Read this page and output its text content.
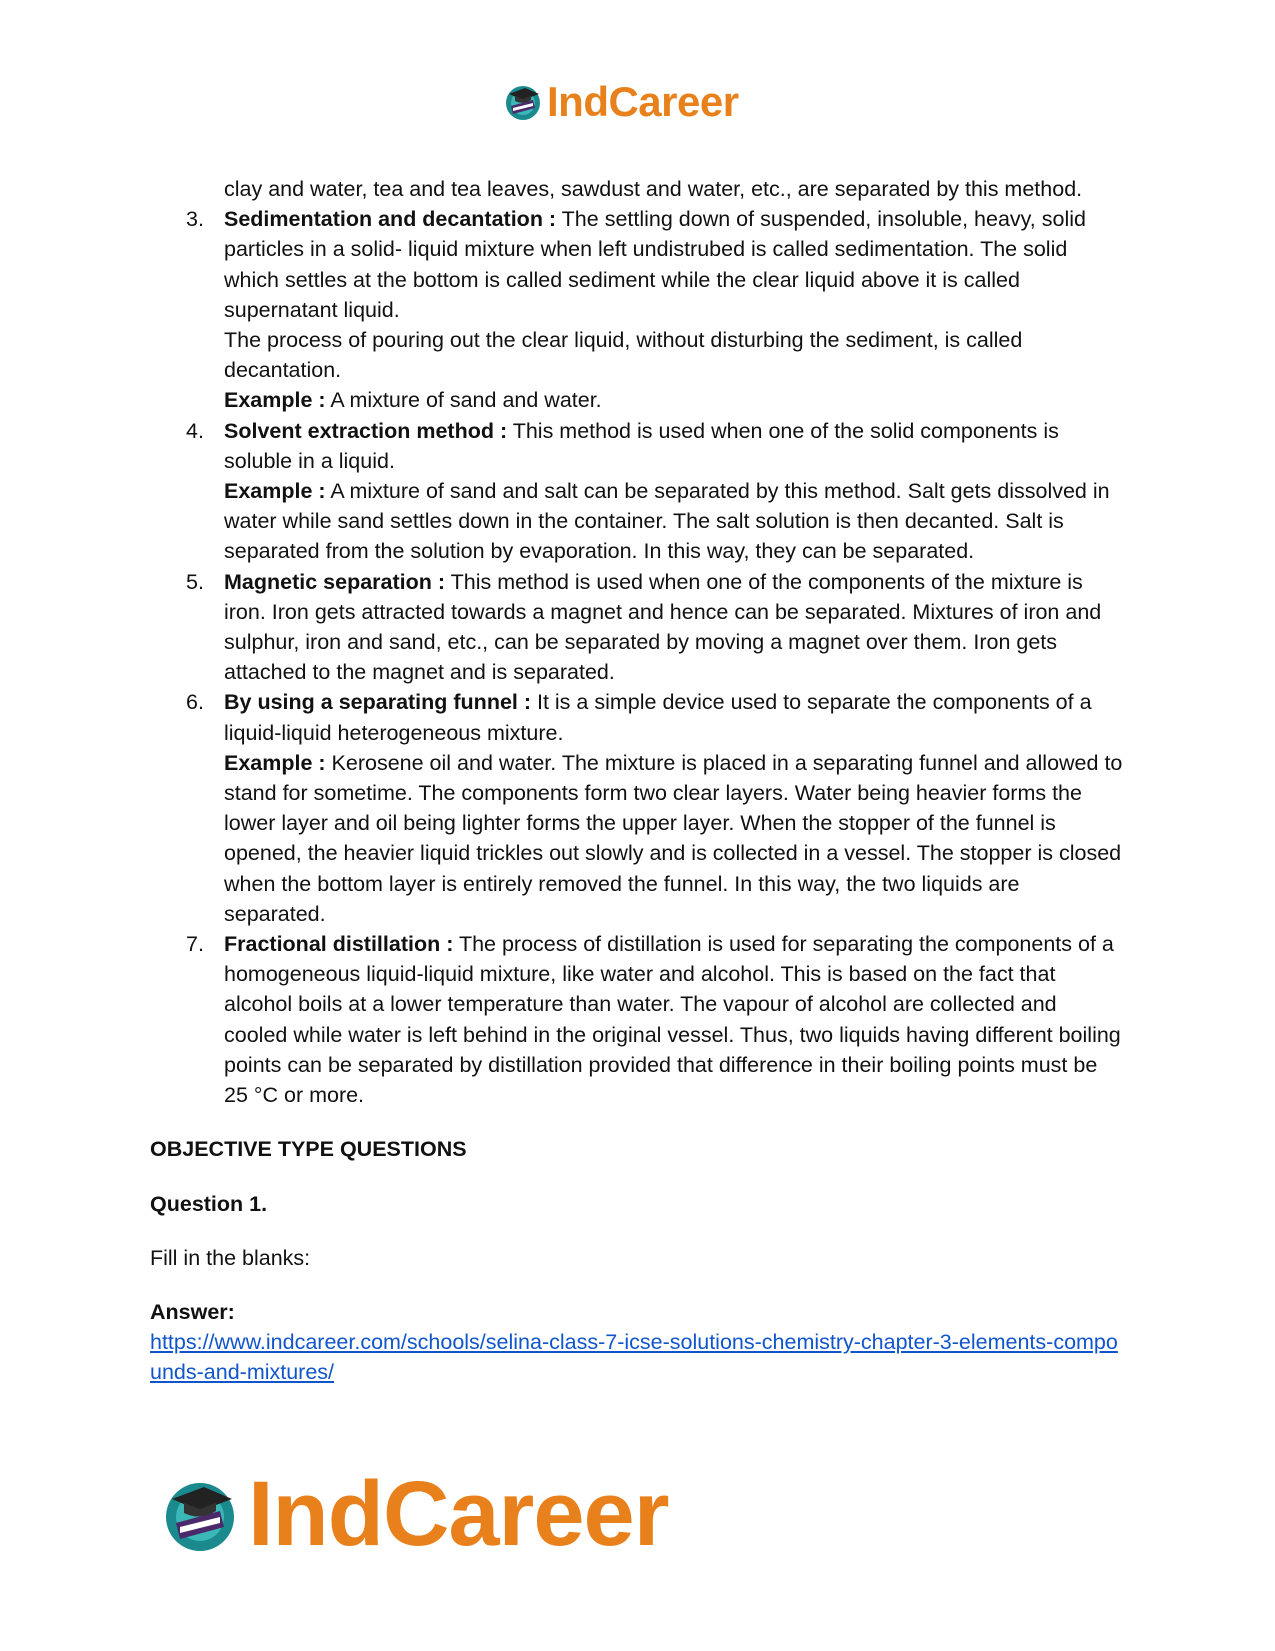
IndCareer
clay and water, tea and tea leaves, sawdust and water, etc., are separated by this method.
3. Sedimentation and decantation : The settling down of suspended, insoluble, heavy, solid particles in a solid- liquid mixture when left undistrubed is called sedimentation. The solid which settles at the bottom is called sediment while the clear liquid above it is called supernatant liquid.
The process of pouring out the clear liquid, without disturbing the sediment, is called decantation.
Example : A mixture of sand and water.
4. Solvent extraction method : This method is used when one of the solid components is soluble in a liquid.
Example : A mixture of sand and salt can be separated by this method. Salt gets dissolved in water while sand settles down in the container. The salt solution is then decanted. Salt is separated from the solution by evaporation. In this way, they can be separated.
5. Magnetic separation : This method is used when one of the components of the mixture is iron. Iron gets attracted towards a magnet and hence can be separated. Mixtures of iron and sulphur, iron and sand, etc., can be separated by moving a magnet over them. Iron gets attached to the magnet and is separated.
6. By using a separating funnel : It is a simple device used to separate the components of a liquid-liquid heterogeneous mixture.
Example : Kerosene oil and water. The mixture is placed in a separating funnel and allowed to stand for sometime. The components form two clear layers. Water being heavier forms the lower layer and oil being lighter forms the upper layer. When the stopper of the funnel is opened, the heavier liquid trickles out slowly and is collected in a vessel. The stopper is closed when the bottom layer is entirely removed the funnel. In this way, the two liquids are separated.
7. Fractional distillation : The process of distillation is used for separating the components of a homogeneous liquid-liquid mixture, like water and alcohol. This is based on the fact that alcohol boils at a lower temperature than water. The vapour of alcohol are collected and cooled while water is left behind in the original vessel. Thus, two liquids having different boiling points can be separated by distillation provided that difference in their boiling points must be 25 °C or more.
OBJECTIVE TYPE QUESTIONS
Question 1.
Fill in the blanks:
Answer:
https://www.indcareer.com/schools/selina-class-7-icse-solutions-chemistry-chapter-3-elements-compounds-and-mixtures/
IndCareer
